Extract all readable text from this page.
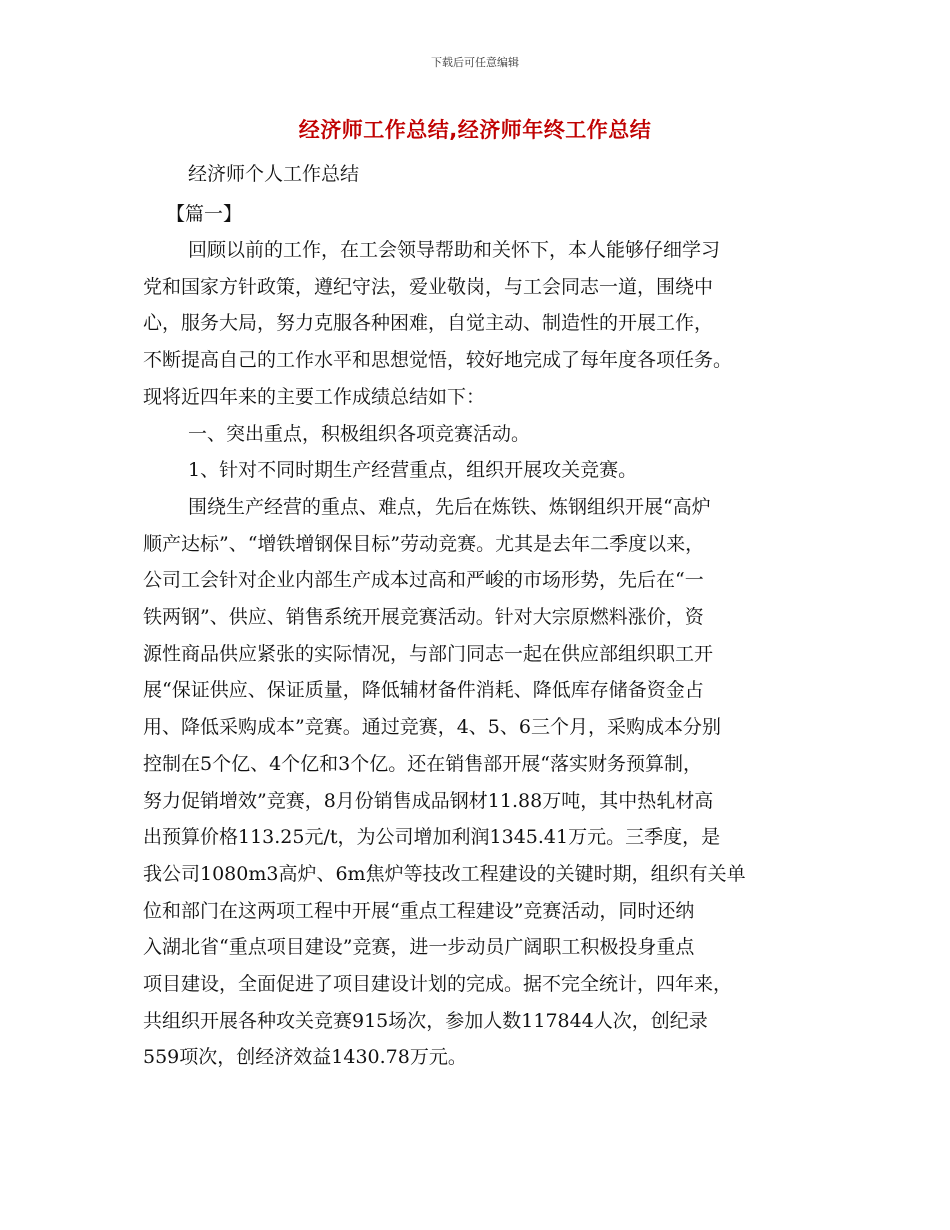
下载后可任意编辑
经济师工作总结,经济师年终工作总结
经济师个人工作总结
【篇一】
回顾以前的工作，在工会领导帮助和关怀下，本人能够仔细学习
党和国家方针政策，遵纪守法，爱业敬岗，与工会同志一道，围绕中
心，服务大局，努力克服各种困难，自觉主动、制造性的开展工作，
不断提高自己的工作水平和思想觉悟，较好地完成了每年度各项任务。
现将近四年来的主要工作成绩总结如下：
一、突出重点，积极组织各项竞赛活动。
1、针对不同时期生产经营重点，组织开展攻关竞赛。
围绕生产经营的重点、难点，先后在炼铁、炼钢组织开展“高炉
顺产达标”、“增铁增钢保目标”劳动竞赛。尤其是去年二季度以来，
公司工会针对企业内部生产成本过高和严峻的市场形势，先后在“一
铁两钢”、供应、销售系统开展竞赛活动。针对大宗原燃料涨价，资
源性商品供应紧张的实际情况，与部门同志一起在供应部组织职工开
展“保证供应、保证质量，降低辅材备件消耗、降低库存储备资金占
用、降低采购成本”竞赛。通过竞赛，4、5、6三个月，采购成本分别
控制在5个亿、4个亿和3个亿。还在销售部开展“落实财务预算制，
努力促销增效”竞赛，8月份销售成品钢材11.88万吨，其中热轧材高
出预算价格113.25元/t，为公司增加利润1345.41万元。三季度，是
我公司1080m3高炉、6m焦炉等技改工程建设的关键时期，组织有关单
位和部门在这两项工程中开展“重点工程建设”竞赛活动，同时还纳
入湖北省“重点项目建设”竞赛，进一步动员广阔职工积极投身重点
项目建设，全面促进了项目建设计划的完成。据不完全统计，四年来，
共组织开展各种攻关竞赛915场次，参加人数117844人次，创纪录
559项次，创经济效益1430.78万元。
